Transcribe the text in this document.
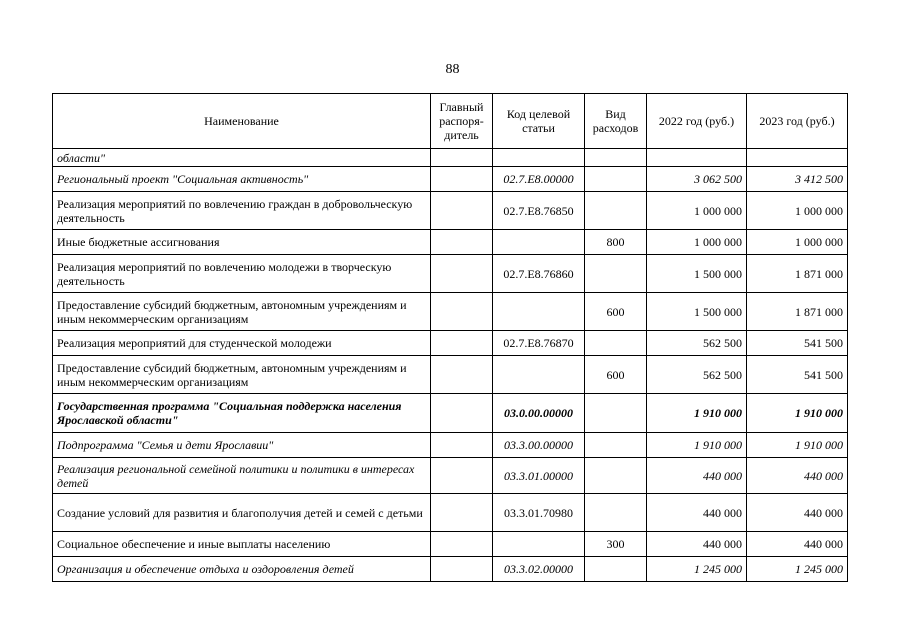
88
Наименование	Главный распоря-дитель	Код целевой статьи	Вид расходов	2022 год (руб.)	2023 год (руб.)
области"					
Региональный проект "Социальная активность"		02.7.Е8.00000		3 062 500	3 412 500
Реализация мероприятий по вовлечению граждан в добровольческую деятельность		02.7.Е8.76850		1 000 000	1 000 000
Иные бюджетные ассигнования			800	1 000 000	1 000 000
Реализация мероприятий по вовлечению молодежи в творческую деятельность		02.7.Е8.76860		1 500 000	1 871 000
Предоставление субсидий бюджетным, автономным учреждениям и иным некоммерческим организациям			600	1 500 000	1 871 000
Реализация мероприятий для студенческой молодежи		02.7.Е8.76870		562 500	541 500
Предоставление субсидий бюджетным, автономным учреждениям и иным некоммерческим организациям			600	562 500	541 500
Государственная программа "Социальная поддержка населения Ярославской области"		03.0.00.00000		1 910 000	1 910 000
Подпрограмма "Семья и дети Ярославии"		03.3.00.00000		1 910 000	1 910 000
Реализация региональной семейной политики и политики в интересах детей		03.3.01.00000		440 000	440 000
Создание условий для развития и благополучия детей и семей с детьми		03.3.01.70980		440 000	440 000
Социальное обеспечение и иные выплаты населению			300	440 000	440 000
Организация и обеспечение отдыха и оздоровления детей		03.3.02.00000		1 245 000	1 245 000
